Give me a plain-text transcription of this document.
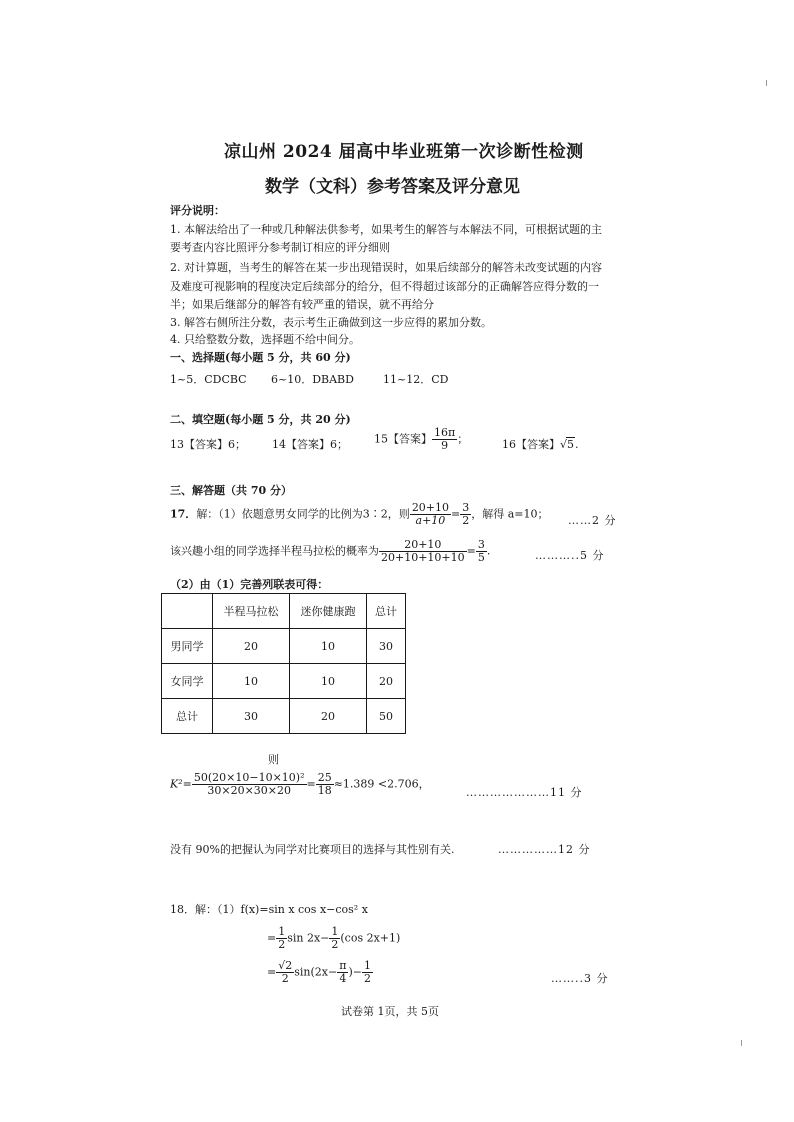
凉山州 2024 届高中毕业班第一次诊断性检测
数学（文科）参考答案及评分意见
评分说明：
1. 本解法给出了一种或几种解法供参考，如果考生的解答与本解法不同，可根据试题的主
要考查内容比照评分参考制订相应的评分细则
2. 对计算题，当考生的解答在某一步出现错误时，如果后续部分的解答未改变试题的内容
及难度可视影响的程度决定后续部分的给分，但不得超过该部分的正确解答应得分数的一
半；如果后继部分的解答有较严重的错误，就不再给分
3. 解答右侧所注分数，表示考生正确做到这一步应得的累加分数。
4. 只给整数分数，选择题不给中间分。
一、选择题(每小题 5 分，共 60 分)
1~5．CDCBC 6~10．DBABD	11~12．CD
二、填空题(每小题 5 分，共 20 分)
13【答案】6； 14【答案】6； 15【答案】 $\frac{16\pi}{9}$ ；	16【答案】√5.
三、解答题（共 70 分）
17．解：（1）依题意男女同学的比例为3∶2，则 $\frac{20+10}{a+10} = \frac{3}{2}$ ，解得 a=10； ……2 分
该兴趣小组的同学选择半程马拉松的概率为 $\frac{20+10}{20+10+10+10} = \frac{3}{5}$ .	………..5 分
（2）由（1）完善列联表可得：
	半程马拉松	迷你健康跑	总计
男同学	20	10	30
女同学	10	10	20
总计	30	20	50
则
$K^2= \frac{\text{50(20×10−10×10)²}}{30\times 20\times 30\times 20} = \frac{25}{18} \approx 1.389 <2.706$，
…………………11 分
没有 90%的把握认为同学对比赛项目的选择与其性别有关.	……………12 分
18．解：（1）f(x)=sin x cos x−cos² x
= $\frac{1}{2}$ $\sin 2x- \frac{1}{2} (\cos$ 2x+1)
= $\frac{√2}{2} \sin(2x- \frac{\pi}{4}$ )− $\frac{1}{2}$	……..3 分
试卷第 1页，共 5页
